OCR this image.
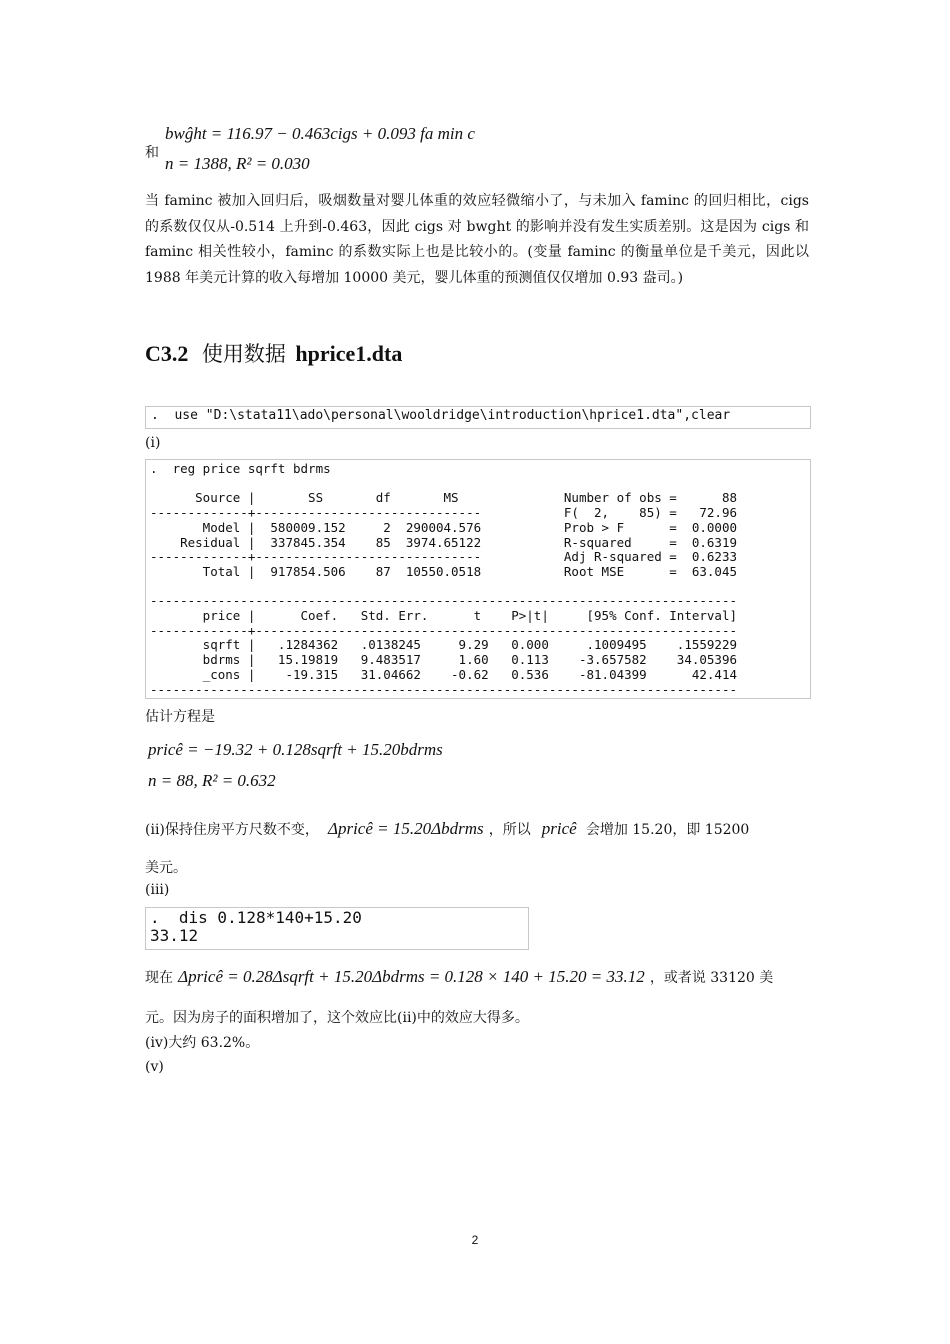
bwĝht = 116.97 − 0.463cigs + 0.093 fa min c
和
n = 1388, R² = 0.030
当 faminc 被加入回归后，吸烟数量对婴儿体重的效应轻微缩小了，与未加入 faminc 的回归相比，cigs 的系数仅仅从-0.514 上升到-0.463，因此 cigs 对 bwght 的影响并没有发生实质差别。这是因为 cigs 和 faminc 相关性较小，faminc 的系数实际上也是比较小的。(变量 faminc 的衡量单位是千美元，因此以 1988 年美元计算的收入每增加 10000 美元，婴儿体重的预测值仅仅增加 0.93 盎司。)
C3.2 使用数据 hprice1.dta
.  use "D:\stata11\ado\personal\wooldridge\introduction\hprice1.dta",clear
(i)
.  reg price sqrft bdrms

Source |       SS       df       MS              Number of obs =      88
-------------+------------------------------           F(  2,    85) =   72.96
Model |  580009.152     2  290004.576           Prob > F      =  0.0000
Residual |  337845.354    85  3974.65122           R-squared     =  0.6319
-------------+------------------------------           Adj R-squared =  0.6233
Total |  917854.506    87  10550.0518           Root MSE      =  63.045

------------------------------------------------------------------------------
price |      Coef.   Std. Err.      t    P>|t|     [95% Conf. Interval]
-------------+----------------------------------------------------------------
sqrft |   .1284362   .0138245     9.29   0.000     .1009495    .1559229
bdrms |   15.19819   9.483517     1.60   0.113    -3.657582    34.05396
_cons |    -19.315   31.04662    -0.62   0.536    -81.04399      42.414
------------------------------------------------------------------------------
估计方程是
pricê = −19.32 + 0.128sqrft + 15.20bdrms
n = 88, R² = 0.632
(ii)保持住房平方尺数不变， Δpricê = 15.20Δbdrms ，所以 pricê 会增加 15.20，即 15200
美元。
(iii)
.  dis 0.128*140+15.20
33.12
现在 Δpricê = 0.28Δsqrft + 15.20Δbdrms = 0.128 × 140 + 15.20 = 33.12 ，或者说 33120 美
元。因为房子的面积增加了，这个效应比(ii)中的效应大得多。
(iv)大约 63.2%。
(v)
2
